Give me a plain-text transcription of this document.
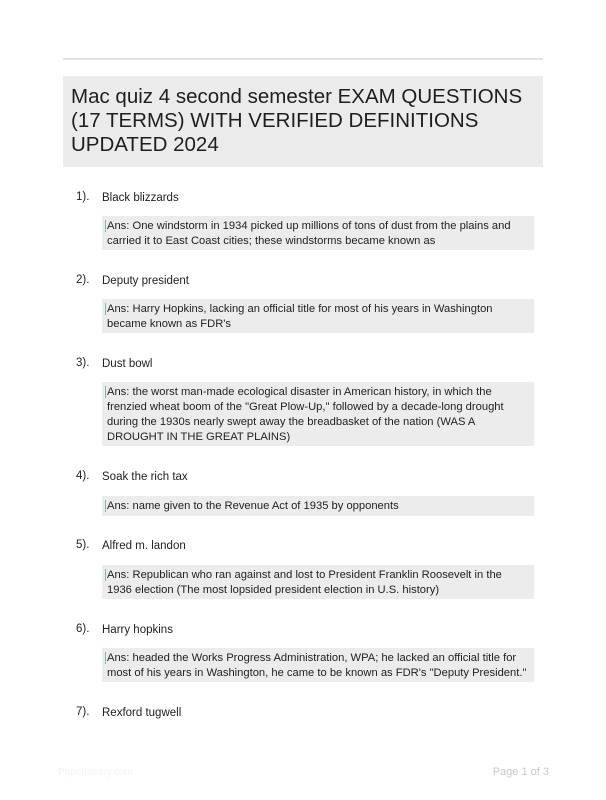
Mac quiz 4 second semester EXAM QUESTIONS (17 TERMS) WITH VERIFIED DEFINITIONS UPDATED 2024
1). Black blizzards
Ans: One windstorm in 1934 picked up millions of tons of dust from the plains and carried it to East Coast cities; these windstorms became known as
2). Deputy president
Ans: Harry Hopkins, lacking an official title for most of his years in Washington became known as FDR's
3). Dust bowl
Ans: the worst man-made ecological disaster in American history, in which the frenzied wheat boom of the "Great Plow-Up," followed by a decade-long drought during the 1930s nearly swept away the breadbasket of the nation (WAS A DROUGHT IN THE GREAT PLAINS)
4). Soak the rich tax
Ans: name given to the Revenue Act of 1935 by opponents
5). Alfred m. landon
Ans: Republican who ran against and lost to President Franklin Roosevelt in the 1936 election (The most lopsided president election in U.S. history)
6). Harry hopkins
Ans: headed the Works Progress Administration, WPA; he lacked an official title for most of his years in Washington, he came to be known as FDR's "Deputy President."
7). Rexford tugwell
Paperlibrary.com	Page 1 of 3
